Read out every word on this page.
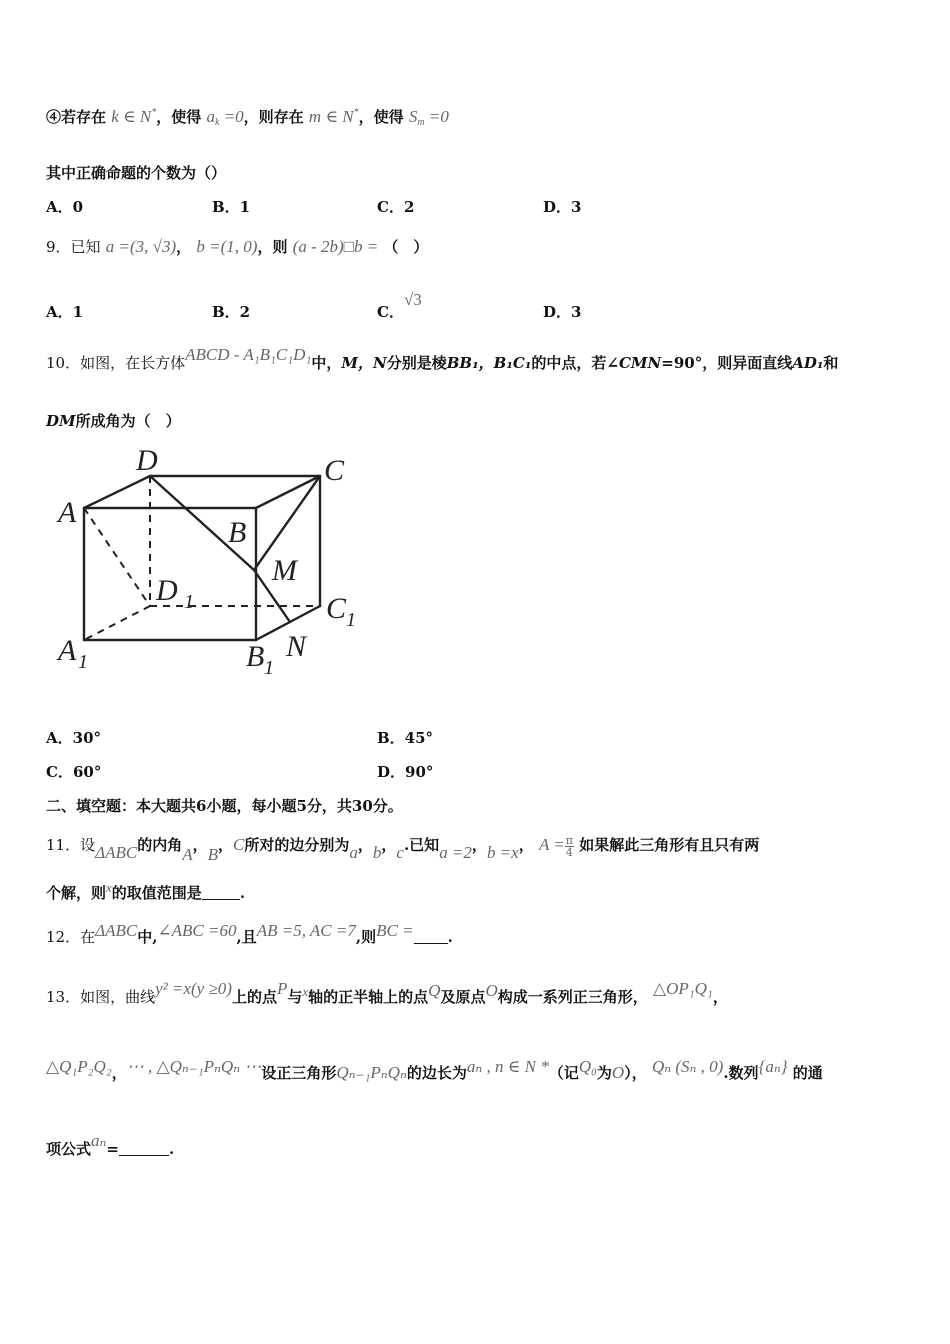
④若存在 k ∈ N*，使得 $a_k =0$，则存在 m ∈ N*，使得 $S_m =0$
其中正确命题的个数为（）
A．0	B．1	C．2	D．3
9．已知 a =(3, √3)， b =(1, 0)，则 (a - 2b)□b = （　）
A．1	B．2	C．√3
D．3
10．如图，在长方体ABCD - A₁B₁C₁D₁中，M，N分别是棱BB₁，B₁C₁的中点，若∠CMN=90°，则异面直线AD₁和
DM所成角为（　）
A
D	C
B
M
D 1	C 1
A 1	B 1
N
A．30°	B．45°
C．60°	D．90°
二、填空题：本大题共6小题，每小题5分，共30分。
11．设ΔABC的内角A，B，C所对的边分别为a，b，c.已知a =2，b =x， $A = \frac{\pi}{4}$ 如果解此三角形有且只有两
个解，则x的取值范围是	.
12．在ΔABC中,∠ABC =60,且AB =5, AC =7,则BC = .
13．如图，曲线y² =x(y ≥0)上的点P与x轴的正半轴上的点Q及原点O构成一系列正三角形， △OP₁Q₁，
△Q₁P₂Q₂，⋯ , △Qₙ₋₁PₙQₙ ⋯设正三角形Qₙ₋₁PₙQₙ的边长为aₙ , n ∈ N *（记Q₀为O）， Qₙ (Sₙ , 0).数列{aₙ} 的通
项公式aₙ=	.
